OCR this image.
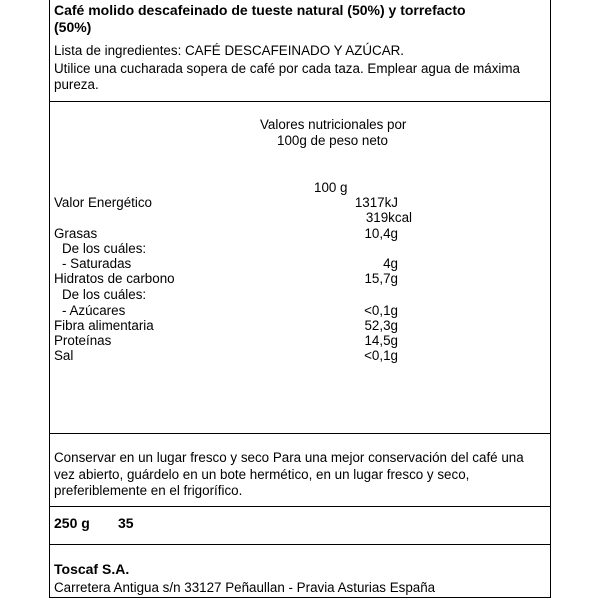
Café molido descafeinado de tueste natural (50%) y torrefacto
(50%)
Lista de ingredientes: CAFÉ DESCAFEINADO Y AZÚCAR.
Utilice una cucharada sopera de café por cada taza. Emplear agua de máxima
pureza.
Valores nutricionales por
100g de peso neto
100 g
Valor Energético	1317kJ
319kcal
Grasas	10,4g
De los cuáles:
- Saturadas	4g
Hidratos de carbono	15,7g
De los cuáles:
- Azúcares	<0,1g
Fibra alimentaria	52,3g
Proteínas	14,5g
Sal	<0,1g
Conservar en un lugar fresco y seco Para una mejor conservación del café una
vez abierto, guárdelo en un bote hermético, en un lugar fresco y seco,
preferiblemente en el frigorífico.
250 g 35
Toscaf S.A.
Carretera Antigua s/n 33127 Peñaullan - Pravia Asturias España
